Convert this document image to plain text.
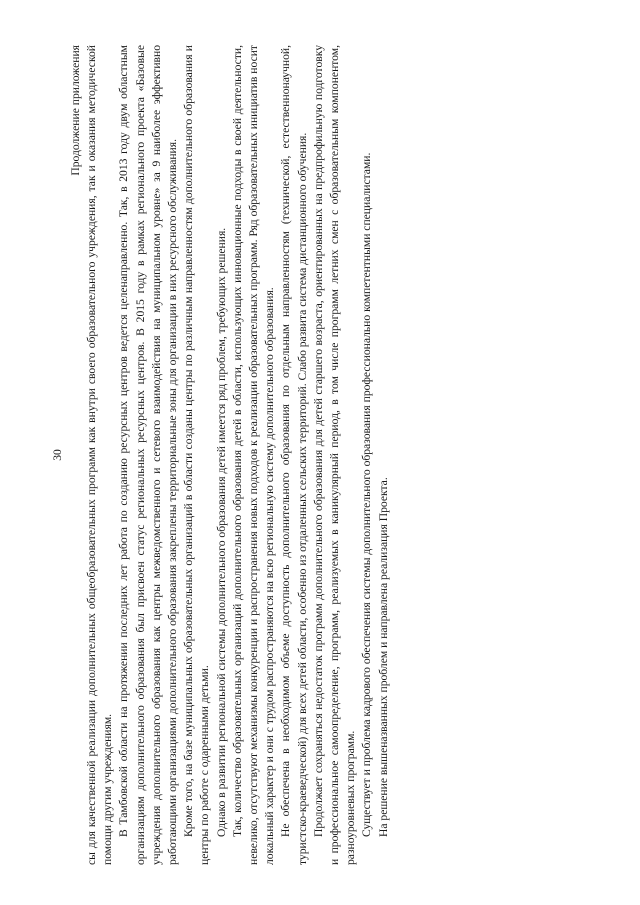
30
Продолжение приложения сы для качественной реализации дополнительных общеобразовательных программ как внутри своего образовательного учреждения, так и оказания методической помощи другим учреждениям. В Тамбовской области на протяжении последних лет работа по созданию ресурсных центров ведется целенаправленно. Так, в 2013 году двум областным организациям дополнительного образования был присвоен статус региональных ресурсных центров. В 2015 году в рамках регионального проекта «Базовые учреждения дополнительного образования как центры межведомственного и сетевого взаимодействия на муниципальном уровне» за 9 наиболее эффективно работающими организациями дополнительного образования закреплены территориальные зоны для организации в них ресурсного обслуживания. Кроме того, на базе муниципальных образовательных организаций в области созданы центры по различным направленностям дополнительного образования и центры по работе с одаренными детьми. Однако в развитии региональной системы дополнительного образования детей имеется ряд проблем, требующих решения. Так, количество образовательных организаций дополнительного образования детей в области, использующих инновационные подходы в своей деятельности, невелико, отсутствуют механизмы конкуренции и распространения новых подходов к реализации образовательных программ. Ряд образовательных инициатив носит локальный характер и они с трудом распространяются на всю региональную систему дополнительного образования. Не обеспечена в необходимом объеме доступность дополнительного образования по отдельным направленностям (технической, естественнонаучной, туристско-краеведческой) для всех детей области, особенно из отдаленных сельских территорий. Слабо развита система дистанционного обучения. Продолжает сохраняться недостаток программ дополнительного образования для детей старшего возраста, ориентированных на предпрофильную подготовку и профессиональное самоопределение, программ, реализуемых в каникулярный период, в том числе программ летних смен с образовательным компонентом, разноуровневых программ. Существует и проблема кадрового обеспечения системы дополнительного образования профессионально компетентными специалистами. На решение вышеназванных проблем и направлена реализация Проекта.
